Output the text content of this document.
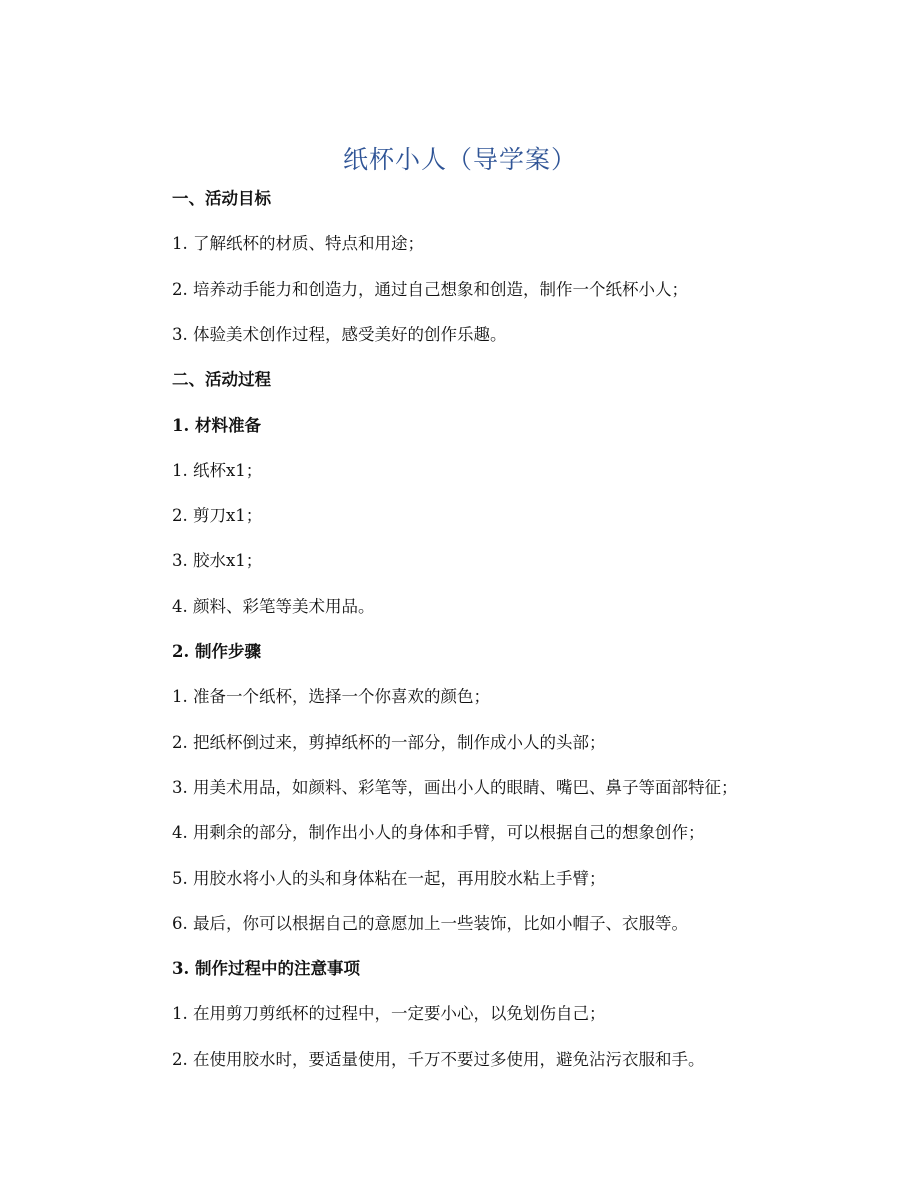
纸杯小人（导学案）
一、活动目标
1. 了解纸杯的材质、特点和用途；
2. 培养动手能力和创造力，通过自己想象和创造，制作一个纸杯小人；
3. 体验美术创作过程，感受美好的创作乐趣。
二、活动过程
1. 材料准备
1. 纸杯x1；
2. 剪刀x1；
3. 胶水x1；
4. 颜料、彩笔等美术用品。
2. 制作步骤
1. 准备一个纸杯，选择一个你喜欢的颜色；
2. 把纸杯倒过来，剪掉纸杯的一部分，制作成小人的头部；
3. 用美术用品，如颜料、彩笔等，画出小人的眼睛、嘴巴、鼻子等面部特征；
4. 用剩余的部分，制作出小人的身体和手臂，可以根据自己的想象创作；
5. 用胶水将小人的头和身体粘在一起，再用胶水粘上手臂；
6. 最后，你可以根据自己的意愿加上一些装饰，比如小帽子、衣服等。
3. 制作过程中的注意事项
1. 在用剪刀剪纸杯的过程中，一定要小心，以免划伤自己；
2. 在使用胶水时，要适量使用，千万不要过多使用，避免沾污衣服和手。
